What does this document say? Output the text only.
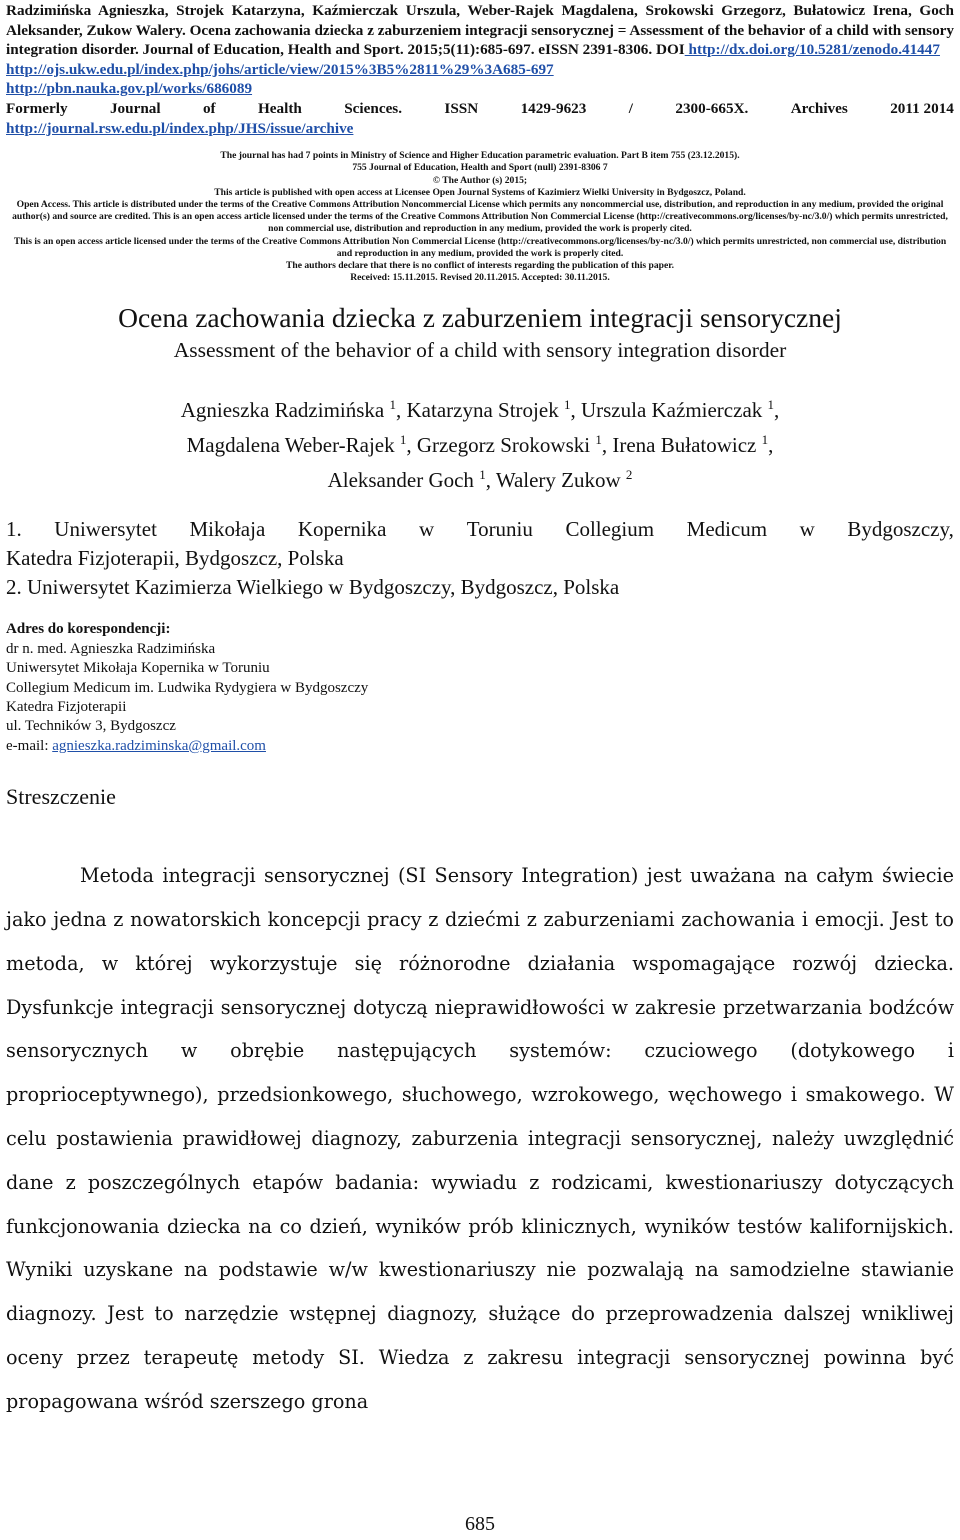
Radzimińska Agnieszka, Strojek Katarzyna, Kaźmierczak Urszula, Weber-Rajek Magdalena, Srokowski Grzegorz, Bułatowicz Irena, Goch Aleksander, Zukow Walery. Ocena zachowania dziecka z zaburzeniem integracji sensorycznej = Assessment of the behavior of a child with sensory integration disorder. Journal of Education, Health and Sport. 2015;5(11):685-697. eISSN 2391-8306. DOI http://dx.doi.org/10.5281/zenodo.41447
http://ojs.ukw.edu.pl/index.php/johs/article/view/2015%3B5%2811%29%3A685-697
http://pbn.nauka.gov.pl/works/686089
Formerly	Journal	of	Health	Sciences.	ISSN	1429-9623	/	2300-665X.	Archives	2011 2014
http://journal.rsw.edu.pl/index.php/JHS/issue/archive
The journal has had 7 points in Ministry of Science and Higher Education parametric evaluation. Part B item 755 (23.12.2015).
755 Journal of Education, Health and Sport (null) 2391-8306 7
© The Author (s) 2015;
This article is published with open access at Licensee Open Journal Systems of Kazimierz Wielki University in Bydgoszcz, Poland.
Open Access. This article is distributed under the terms of the Creative Commons Attribution Noncommercial License which permits any noncommercial use, distribution, and reproduction in any medium, provided the original author(s) and source are credited. This is an open access article licensed under the terms of the Creative Commons Attribution Non Commercial License (http://creativecommons.org/licenses/by-nc/3.0/) which permits unrestricted, non commercial use, distribution and reproduction in any medium, provided the work is properly cited.
This is an open access article licensed under the terms of the Creative Commons Attribution Non Commercial License (http://creativecommons.org/licenses/by-nc/3.0/) which permits unrestricted, non commercial use, distribution and reproduction in any medium, provided the work is properly cited.
The authors declare that there is no conflict of interests regarding the publication of this paper.
Received: 15.11.2015. Revised 20.11.2015. Accepted: 30.11.2015.
Ocena zachowania dziecka z zaburzeniem integracji sensorycznej
Assessment of the behavior of a child with sensory integration disorder
Agnieszka Radzimińska $^1$, Katarzyna Strojek $^1$, Urszula Kaźmierczak $^1$,
Magdalena Weber-Rajek $^1$, Grzegorz Srokowski $^1$, Irena Bułatowicz $^1$,
Aleksander Goch $^1$, Walery Zukow $^2$
1. Uniwersytet Mikołaja Kopernika w Toruniu Collegium Medicum w Bydgoszczy,
Katedra Fizjoterapii, Bydgoszcz, Polska
2. Uniwersytet Kazimierza Wielkiego w Bydgoszczy, Bydgoszcz, Polska
Adres do korespondencji:
dr n. med. Agnieszka Radzimińska
Uniwersytet Mikołaja Kopernika w Toruniu
Collegium Medicum im. Ludwika Rydygiera w Bydgoszczy
Katedra Fizjoterapii
ul. Techników 3, Bydgoszcz
e-mail: agnieszka.radziminska@gmail.com
Streszczenie
Metoda integracji sensorycznej (SI Sensory Integration) jest uważana na całym świecie jako jedna z nowatorskich koncepcji pracy z dziećmi z zaburzeniami zachowania i emocji. Jest to metoda, w której wykorzystuje się różnorodne działania wspomagające rozwój dziecka. Dysfunkcje integracji sensorycznej dotyczą nieprawidłowości w zakresie przetwarzania bodźców sensorycznych w obrębie następujących systemów: czuciowego (dotykowego i proprioceptywnego), przedsionkowego, słuchowego, wzrokowego, węchowego i smakowego. W celu postawienia prawidłowej diagnozy, zaburzenia integracji sensorycznej, należy uwzględnić dane z poszczególnych etapów badania: wywiadu z rodzicami, kwestionariuszy dotyczących funkcjonowania dziecka na co dzień, wyników prób klinicznych, wyników testów kalifornijskich. Wyniki uzyskane na podstawie w/w kwestionariuszy nie pozwalają na samodzielne stawianie diagnozy. Jest to narzędzie wstępnej diagnozy, służące do przeprowadzenia dalszej wnikliwej oceny przez terapeutę metody SI. Wiedza z zakresu integracji sensorycznej powinna być propagowana wśród szerszego grona
685
